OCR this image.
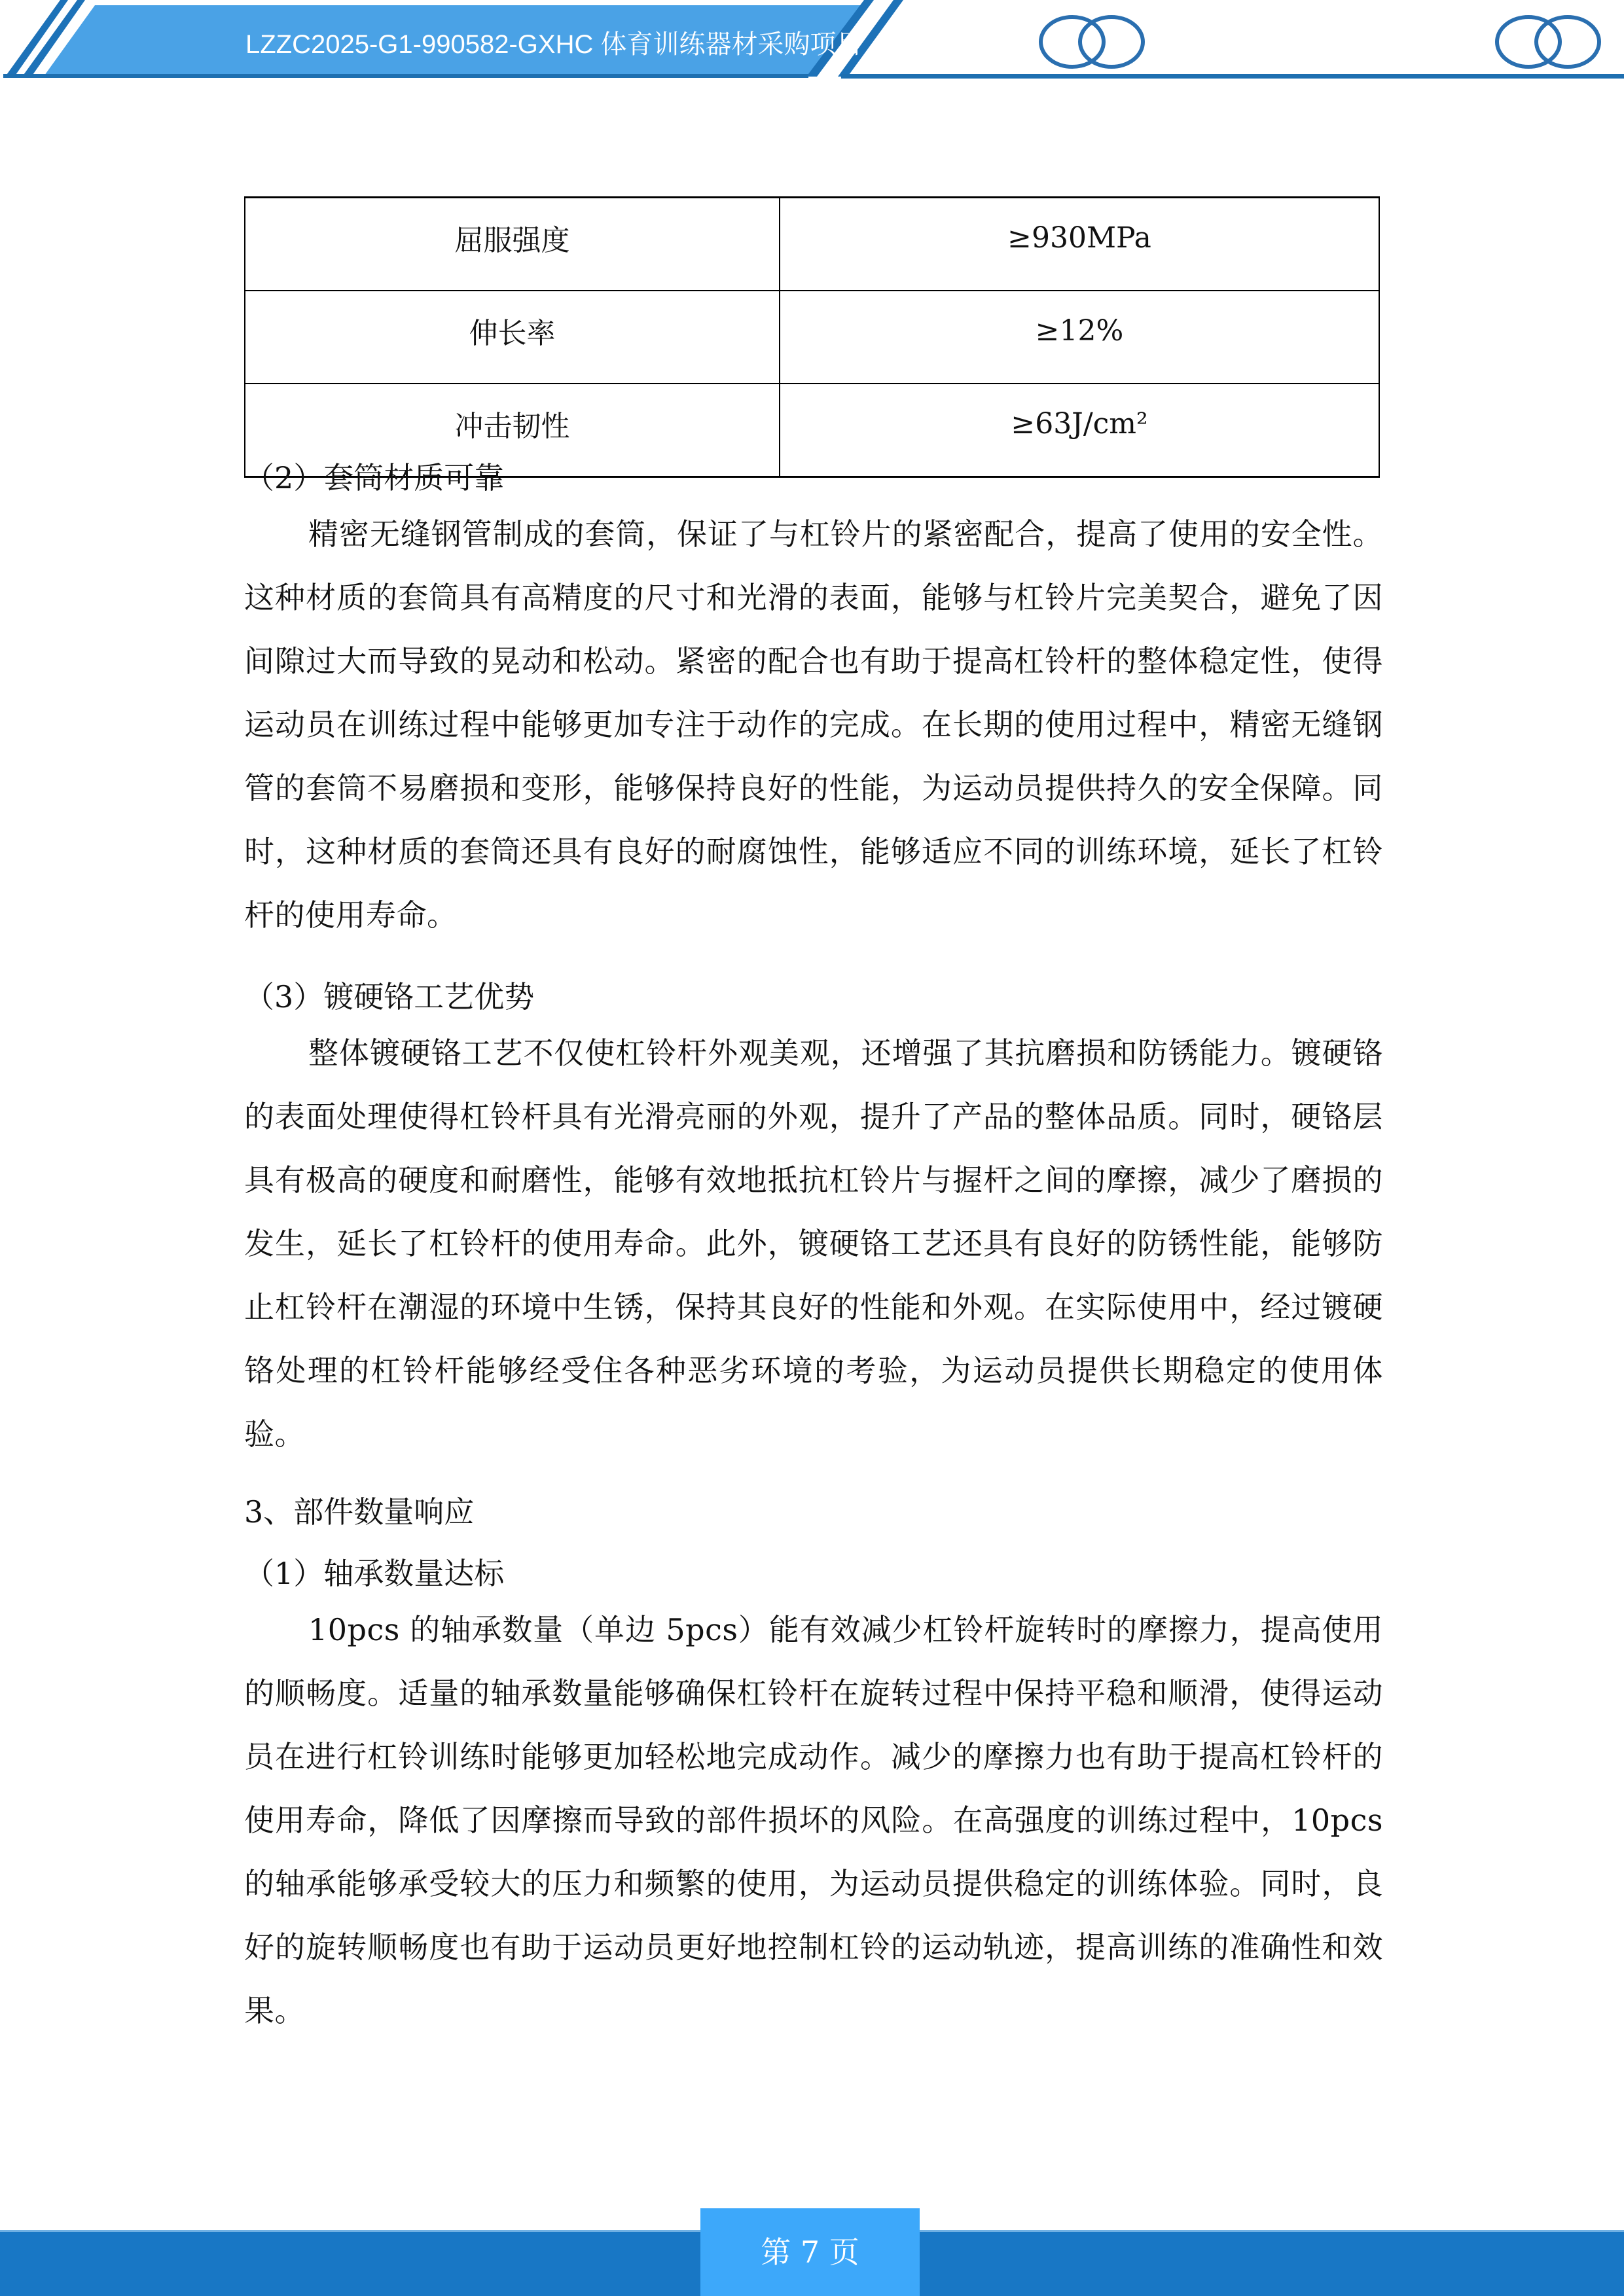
LZZC2025-G1-990582-GXHC 体育训练器材采购项目
屈服强度	≥930MPa
伸长率	≥12%
冲击韧性	≥63J/cm²
（2）套筒材质可靠
精密无缝钢管制成的套筒，保证了与杠铃片的紧密配合，提高了使用的安全性。这种材质的套筒具有高精度的尺寸和光滑的表面，能够与杠铃片完美契合，避免了因间隙过大而导致的晃动和松动。紧密的配合也有助于提高杠铃杆的整体稳定性，使得运动员在训练过程中能够更加专注于动作的完成。在长期的使用过程中，精密无缝钢管的套筒不易磨损和变形，能够保持良好的性能，为运动员提供持久的安全保障。同时，这种材质的套筒还具有良好的耐腐蚀性，能够适应不同的训练环境，延长了杠铃杆的使用寿命。
（3）镀硬铬工艺优势
整体镀硬铬工艺不仅使杠铃杆外观美观，还增强了其抗磨损和防锈能力。镀硬铬的表面处理使得杠铃杆具有光滑亮丽的外观，提升了产品的整体品质。同时，硬铬层具有极高的硬度和耐磨性，能够有效地抵抗杠铃片与握杆之间的摩擦，减少了磨损的发生，延长了杠铃杆的使用寿命。此外，镀硬铬工艺还具有良好的防锈性能，能够防止杠铃杆在潮湿的环境中生锈，保持其良好的性能和外观。在实际使用中，经过镀硬铬处理的杠铃杆能够经受住各种恶劣环境的考验，为运动员提供长期稳定的使用体验。
3、部件数量响应
（1）轴承数量达标
10pcs 的轴承数量（单边 5pcs）能有效减少杠铃杆旋转时的摩擦力，提高使用的顺畅度。适量的轴承数量能够确保杠铃杆在旋转过程中保持平稳和顺滑，使得运动员在进行杠铃训练时能够更加轻松地完成动作。减少的摩擦力也有助于提高杠铃杆的使用寿命，降低了因摩擦而导致的部件损坏的风险。在高强度的训练过程中，10pcs 的轴承能够承受较大的压力和频繁的使用，为运动员提供稳定的训练体验。同时，良好的旋转顺畅度也有助于运动员更好地控制杠铃的运动轨迹，提高训练的准确性和效果。
第 7 页
